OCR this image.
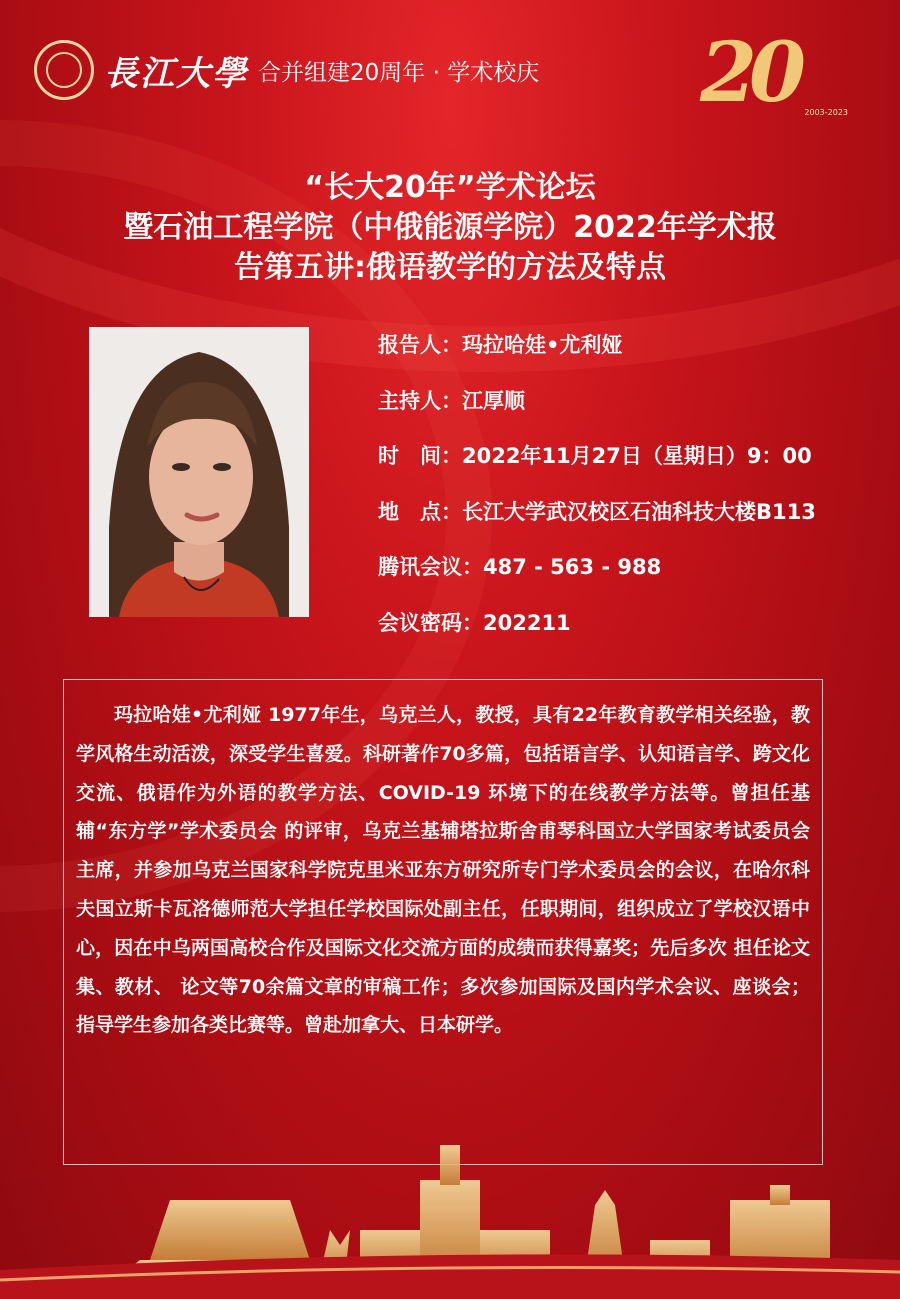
長江大學 合并组建20周年 · 学术校庆 20 2003-2023
“长大20年”学术论坛
暨石油工程学院（中俄能源学院）2022年学术报
告第五讲:俄语教学的方法及特点
报告人：玛拉哈娃•尤利娅
主持人：江厚顺
时　间：2022年11月27日（星期日）9：00
地　点：长江大学武汉校区石油科技大楼B113
腾讯会议：487 - 563 - 988
会议密码：202211

玛拉哈娃•尤利娅 1977年生，乌克兰人，教授，具有22年教育教学相关经验，教学风格生动活泼，深受学生喜爱。科研著作70多篇，包括语言学、认知语言学、跨文化交流、俄语作为外语的教学方法、COVID-19 环境下的在线教学方法等。曾担任基辅“东方学”学术委员会 的评审，乌克兰基辅塔拉斯舍甫琴科国立大学国家考试委员会主席，并参加乌克兰国家科学院克里米亚东方研究所专门学术委员会的会议，在哈尔科夫国立斯卡瓦洛德师范大学担任学校国际处副主任，任职期间，组织成立了学校汉语中心，因在中乌两国高校合作及国际文化交流方面的成绩而获得嘉奖；先后多次 担任论文集、教材、 论文等70余篇文章的审稿工作；多次参加国际及国内学术会议、座谈会；指导学生参加各类比赛等。曾赴加拿大、日本研学。
